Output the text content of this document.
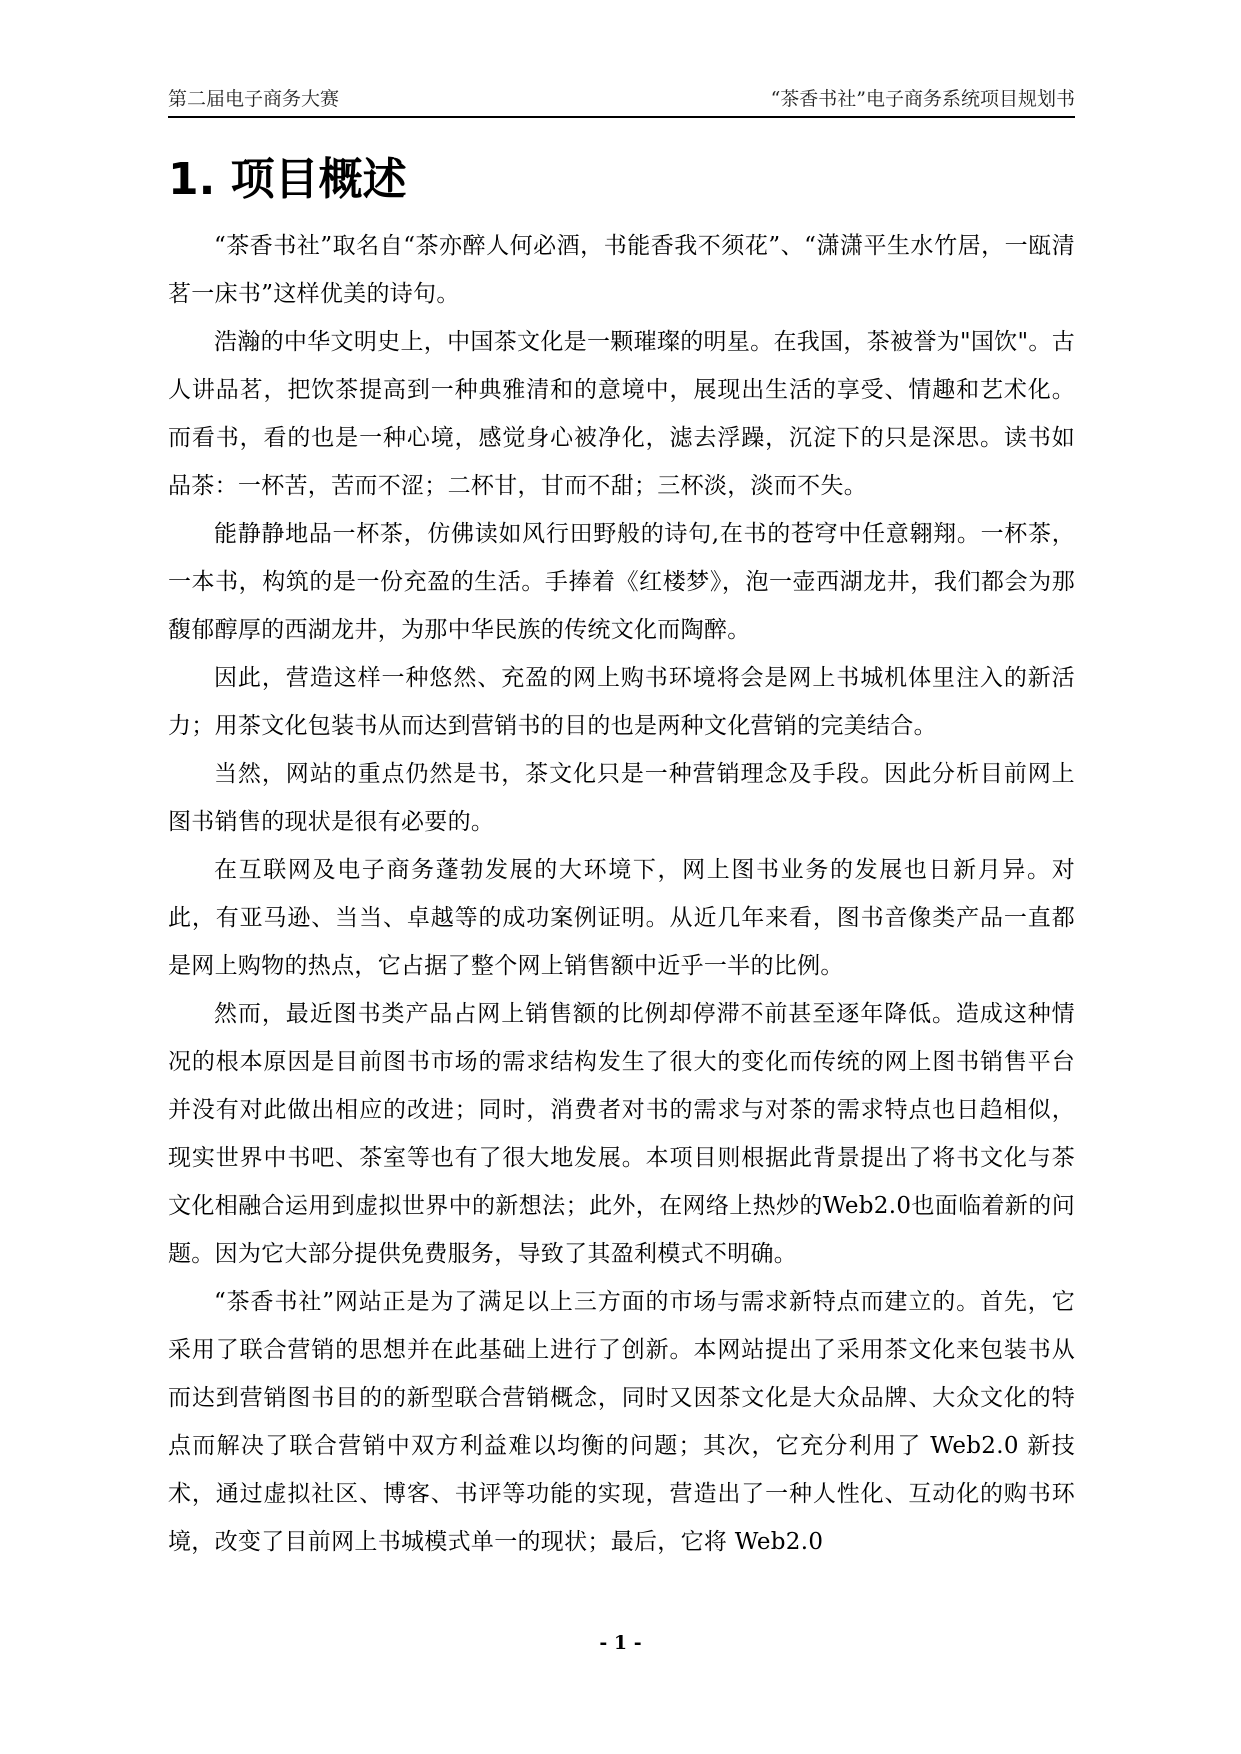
第二届电子商务大赛	“茶香书社”电子商务系统项目规划书
1. 项目概述

“茶香书社”取名自“茶亦醉人何必酒，书能香我不须花”、“潇潇平生水竹居，一瓯清茗一床书”这样优美的诗句。

浩瀚的中华文明史上，中国茶文化是一颗璀璨的明星。在我国，茶被誉为"国饮"。古人讲品茗，把饮茶提高到一种典雅清和的意境中，展现出生活的享受、情趣和艺术化。而看书，看的也是一种心境，感觉身心被净化，滤去浮躁，沉淀下的只是深思。读书如品茶：一杯苦，苦而不涩；二杯甘，甘而不甜；三杯淡，淡而不失。

能静静地品一杯茶，仿佛读如风行田野般的诗句,在书的苍穹中任意翱翔。一杯茶，一本书，构筑的是一份充盈的生活。手捧着《红楼梦》，泡一壶西湖龙井，我们都会为那馥郁醇厚的西湖龙井，为那中华民族的传统文化而陶醉。

因此，营造这样一种悠然、充盈的网上购书环境将会是网上书城机体里注入的新活力；用茶文化包装书从而达到营销书的目的也是两种文化营销的完美结合。

当然，网站的重点仍然是书，茶文化只是一种营销理念及手段。因此分析目前网上图书销售的现状是很有必要的。

在互联网及电子商务蓬勃发展的大环境下，网上图书业务的发展也日新月异。对此，有亚马逊、当当、卓越等的成功案例证明。从近几年来看，图书音像类产品一直都是网上购物的热点，它占据了整个网上销售额中近乎一半的比例。

然而，最近图书类产品占网上销售额的比例却停滞不前甚至逐年降低。造成这种情况的根本原因是目前图书市场的需求结构发生了很大的变化而传统的网上图书销售平台并没有对此做出相应的改进；同时，消费者对书的需求与对茶的需求特点也日趋相似，现实世界中书吧、茶室等也有了很大地发展。本项目则根据此背景提出了将书文化与茶文化相融合运用到虚拟世界中的新想法；此外，在网络上热炒的Web2.0也面临着新的问题。因为它大部分提供免费服务，导致了其盈利模式不明确。

“茶香书社”网站正是为了满足以上三方面的市场与需求新特点而建立的。首先，它采用了联合营销的思想并在此基础上进行了创新。本网站提出了采用茶文化来包装书从而达到营销图书目的的新型联合营销概念，同时又因茶文化是大众品牌、大众文化的特点而解决了联合营销中双方利益难以均衡的问题；其次，它充分利用了 Web2.0 新技术，通过虚拟社区、博客、书评等功能的实现，营造出了一种人性化、互动化的购书环境，改变了目前网上书城模式单一的现状；最后，它将 Web2.0

- 1 -
